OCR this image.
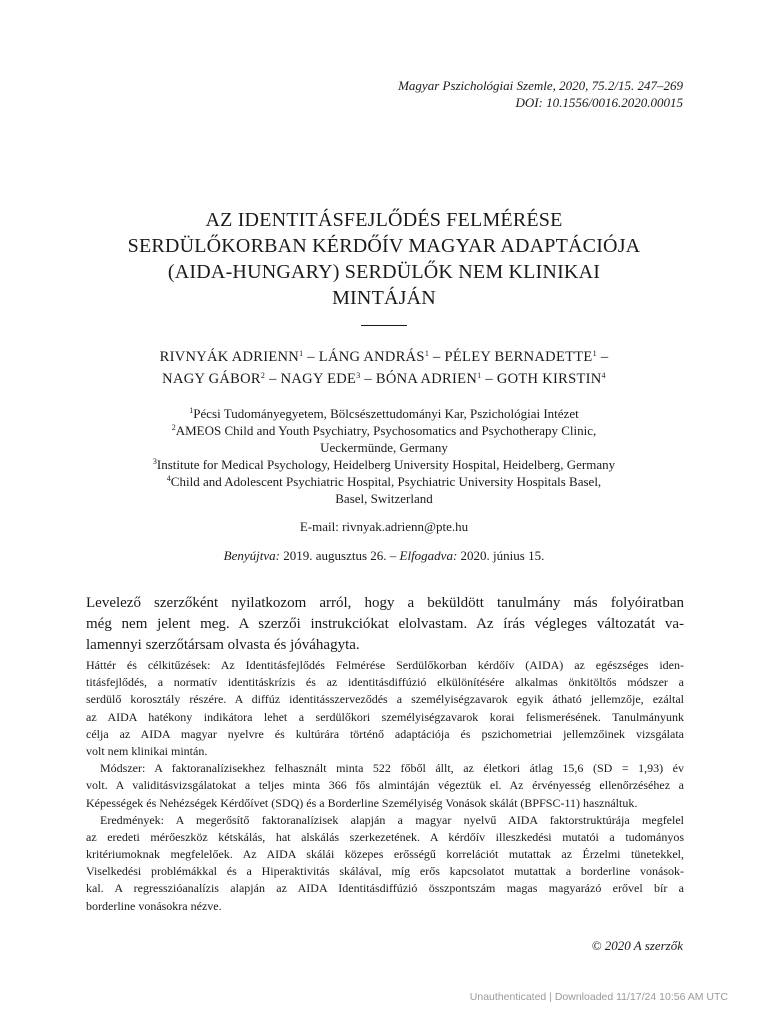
Magyar Pszichológiai Szemle, 2020, 75.2/15. 247–269
DOI: 10.1556/0016.2020.00015
AZ IDENTITÁSFEJLŐDÉS FELMÉRÉSE
SERDÜLŐKORBAN KÉRDŐÍV MAGYAR ADAPTÁCIÓJA
(AIDA-HUNGARY) SERDÜLŐK NEM KLINIKAI
MINTÁJÁN
RIVNYÁK ADRIENN$^1$ – LÁNG ANDRÁS$^1$ – PÉLEY BERNADETTE$^1$ –
NAGY GÁBOR$^2$ – NAGY EDE$^3$ – BÓNA ADRIEN$^1$ – GOTH KIRSTIN$^4$
$^1$Pécsi Tudományegyetem, Bölcsészettudományi Kar, Pszichológiai Intézet
$^2$AMEOS Child and Youth Psychiatry, Psychosomatics and Psychotherapy Clinic,
Ueckermünde, Germany
$^3$Institute for Medical Psychology, Heidelberg University Hospital, Heidelberg, Germany
$^4$Child and Adolescent Psychiatric Hospital, Psychiatric University Hospitals Basel,
Basel, Switzerland
E-mail: rivnyak.adrienn@pte.hu
Benyújtva: 2019. augusztus 26. – Elfogadva: 2020. június 15.
Levelező szerzőként nyilatkozom arról, hogy a beküldött tanulmány más folyóiratban
még nem jelent meg. A szerzői instrukciókat elolvastam. Az írás végleges változatát va-
lamennyi szerzőtársam olvasta és jóváhagyta.
Háttér és célkitűzések: Az Identitásfejlődés Felmérése Serdülőkorban kérdőív (AIDA) az egészséges iden-
titásfejlődés, a normatív identitáskrízis és az identitásdiffúzió elkülönítésére alkalmas önkitöltős módszer a
serdülő korosztály részére. A diffúz identitásszerveződés a személyiségzavarok egyik átható jellemzője, ezáltal
az AIDA hatékony indikátora lehet a serdülőkori személyiségzavarok korai felismerésének. Tanulmányunk
célja az AIDA magyar nyelvre és kultúrára történő adaptációja és pszichometriai jellemzőinek vizsgálata
volt nem klinikai mintán.
Módszer: A faktoranalízisekhez felhasznált minta 522 főből állt, az életkori átlag 15,6 (SD = 1,93) év
volt. A validitásvizsgálatokat a teljes minta 366 fős almintáján végeztük el. Az érvényesség ellenőrzéséhez a
Képességek és Nehézségek Kérdőívet (SDQ) és a Borderline Személyiség Vonások skálát (BPFSC-11) használtuk.
Eredmények: A megerősítő faktoranalízisek alapján a magyar nyelvű AIDA faktorstruktúrája megfelel
az eredeti mérőeszköz kétskálás, hat alskálás szerkezetének. A kérdőív illeszkedési mutatói a tudományos
kritériumoknak megfelelőek. Az AIDA skálái közepes erősségű korrelációt mutattak az Érzelmi tünetekkel,
Viselkedési problémákkal és a Hiperaktivitás skálával, míg erős kapcsolatot mutattak a borderline vonások-
kal. A regresszióanalízis alapján az AIDA Identitásdiffúzió összpontszám magas magyarázó erővel bír a
borderline vonásokra nézve.
© 2020 A szerzők
Unauthenticated | Downloaded 11/17/24 10:56 AM UTC
